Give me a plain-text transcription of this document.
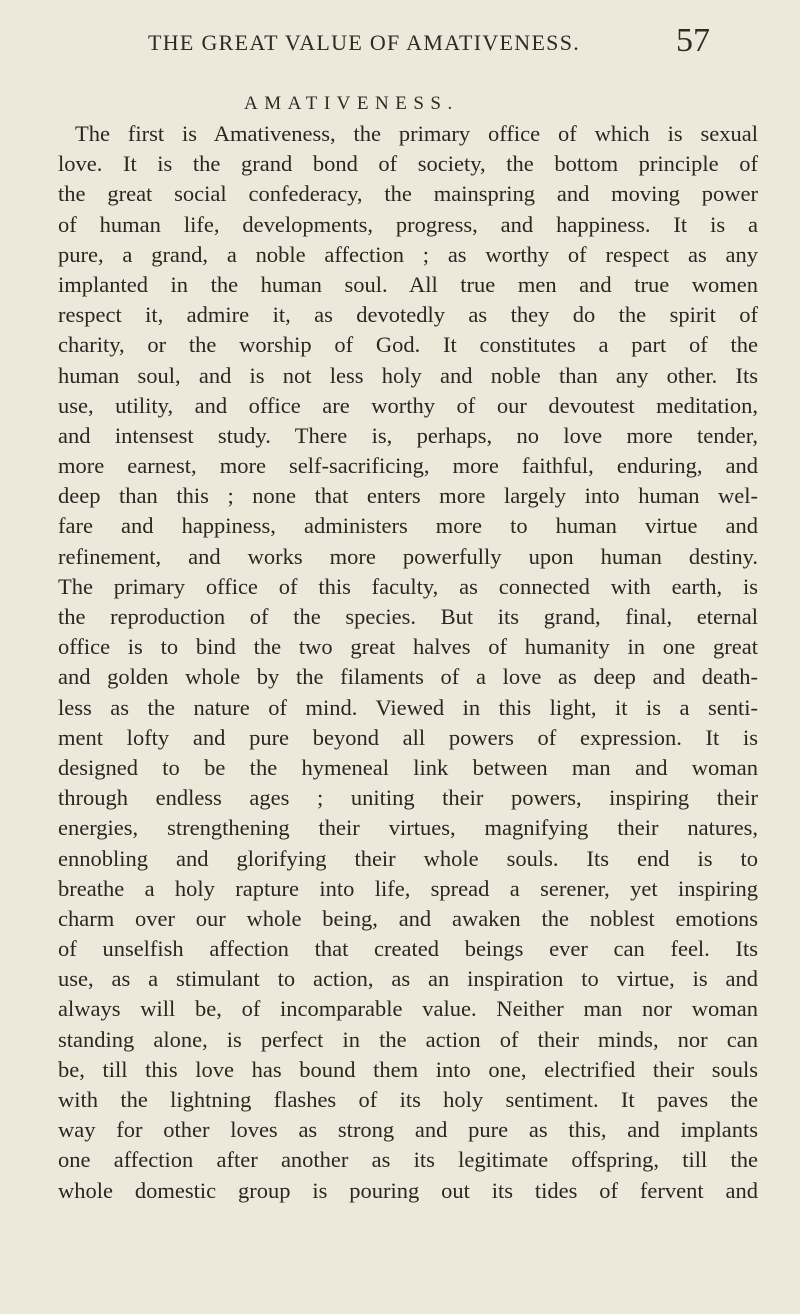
THE GREAT VALUE OF AMATIVENESS.	57
AMATIVENESS.
The first is Amativeness, the primary office of which is sexual
love. It is the grand bond of society, the bottom principle of
the great social confederacy, the mainspring and moving power
of human life, developments, progress, and happiness. It is a
pure, a grand, a noble affection ; as worthy of respect as any
implanted in the human soul. All true men and true women
respect it, admire it, as devotedly as they do the spirit of
charity, or the worship of God. It constitutes a part of the
human soul, and is not less holy and noble than any other. Its
use, utility, and office are worthy of our devoutest meditation,
and intensest study. There is, perhaps, no love more tender,
more earnest, more self-sacrificing, more faithful, enduring, and
deep than this ; none that enters more largely into human wel-
fare and happiness, administers more to human virtue and
refinement, and works more powerfully upon human destiny.
The primary office of this faculty, as connected with earth, is
the reproduction of the species. But its grand, final, eternal
office is to bind the two great halves of humanity in one great
and golden whole by the filaments of a love as deep and death-
less as the nature of mind. Viewed in this light, it is a senti-
ment lofty and pure beyond all powers of expression. It is
designed to be the hymeneal link between man and woman
through endless ages ; uniting their powers, inspiring their
energies, strengthening their virtues, magnifying their natures,
ennobling and glorifying their whole souls. Its end is to
breathe a holy rapture into life, spread a serener, yet inspiring
charm over our whole being, and awaken the noblest emotions
of unselfish affection that created beings ever can feel. Its
use, as a stimulant to action, as an inspiration to virtue, is and
always will be, of incomparable value. Neither man nor woman
standing alone, is perfect in the action of their minds, nor can
be, till this love has bound them into one, electrified their souls
with the lightning flashes of its holy sentiment. It paves the
way for other loves as strong and pure as this, and implants
one affection after another as its legitimate offspring, till the
whole domestic group is pouring out its tides of fervent and
